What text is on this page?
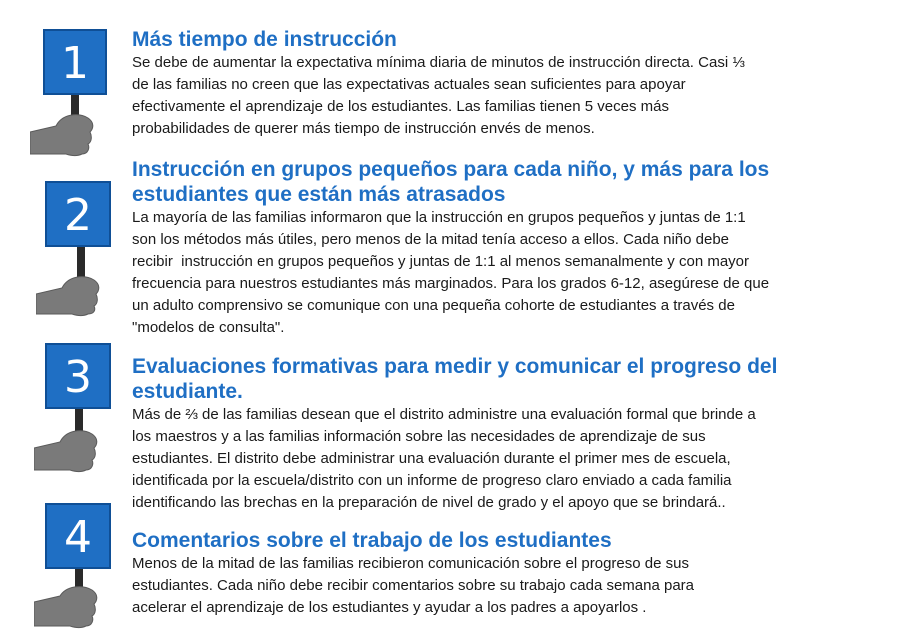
1 Más tiempo de instrucción

Se debe de aumentar la expectativa mínima diaria de minutos de instrucción directa. Casi ⅓
de las familias no creen que las expectativas actuales sean suficientes para apoyar
efectivamente el aprendizaje de los estudiantes. Las familias tienen 5 veces más
probabilidades de querer más tiempo de instrucción envés de menos.

2
Instrucción en grupos pequeños para cada niño, y más para los
estudiantes que están más atrasados

La mayoría de las familias informaron que la instrucción en grupos pequeños y juntas de 1:1
son los métodos más útiles, pero menos de la mitad tenía acceso a ellos. Cada niño debe
recibir  instrucción en grupos pequeños y juntas de 1:1 al menos semanalmente y con mayor
frecuencia para nuestros estudiantes más marginados. Para los grados 6-12, asegúrese de que
un adulto comprensivo se comunique con una pequeña cohorte de estudiantes a través de
"modelos de consulta".

3 Evaluaciones formativas para medir y comunicar el progreso del
estudiante.

Más de ⅔ de las familias desean que el distrito administre una evaluación formal que brinde a
los maestros y a las familias información sobre las necesidades de aprendizaje de sus
estudiantes. El distrito debe administrar una evaluación durante el primer mes de escuela,
identificada por la escuela/distrito con un informe de progreso claro enviado a cada familia
identificando las brechas en la preparación de nivel de grado y el apoyo que se brindará..

4 Comentarios sobre el trabajo de los estudiantes

Menos de la mitad de las familias recibieron comunicación sobre el progreso de sus
estudiantes. Cada niño debe recibir comentarios sobre su trabajo cada semana para
acelerar el aprendizaje de los estudiantes y ayudar a los padres a apoyarlos .
